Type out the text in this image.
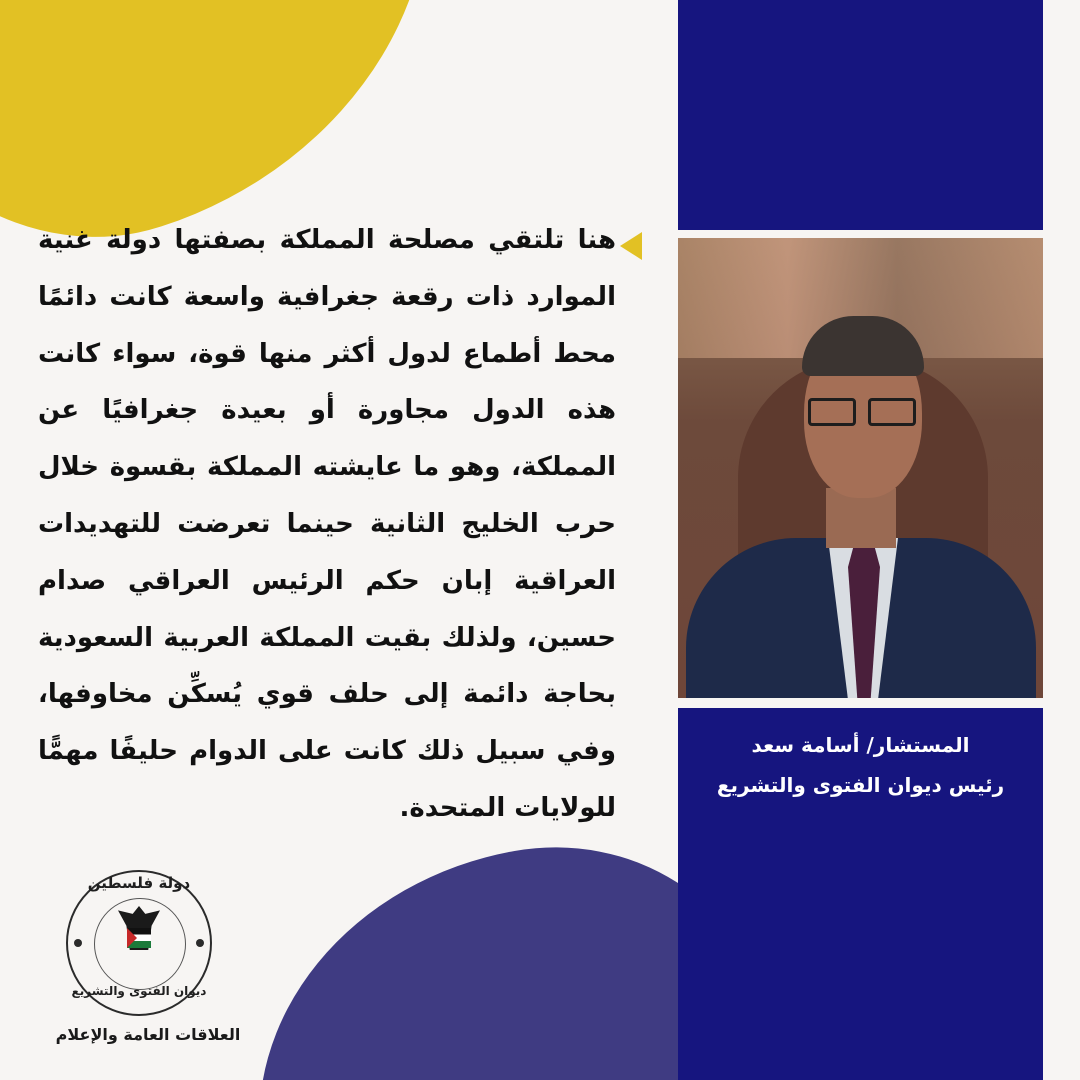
المستشار/ أسامة سعد
رئيس ديوان الفتوى والتشريع
هنا تلتقي مصلحة المملكة بصفتها دولة غنية الموارد ذات رقعة جغرافية واسعة كانت دائمًا محط أطماع لدول أكثر منها قوة، سواء كانت هذه الدول مجاورة أو بعيدة جغرافيًا عن المملكة، وهو ما عايشته المملكة بقسوة خلال حرب الخليج الثانية حينما تعرضت للتهديدات العراقية إبان حكم الرئيس العراقي صدام حسين، ولذلك بقيت المملكة العربية السعودية بحاجة دائمة إلى حلف قوي يُسكِّن مخاوفها، وفي سبيل ذلك كانت على الدوام حليفًا مهمًّا للولايات المتحدة.
دولة فلسطين
ديوان الفتوى والتشريع
العلاقات العامة والإعلام
